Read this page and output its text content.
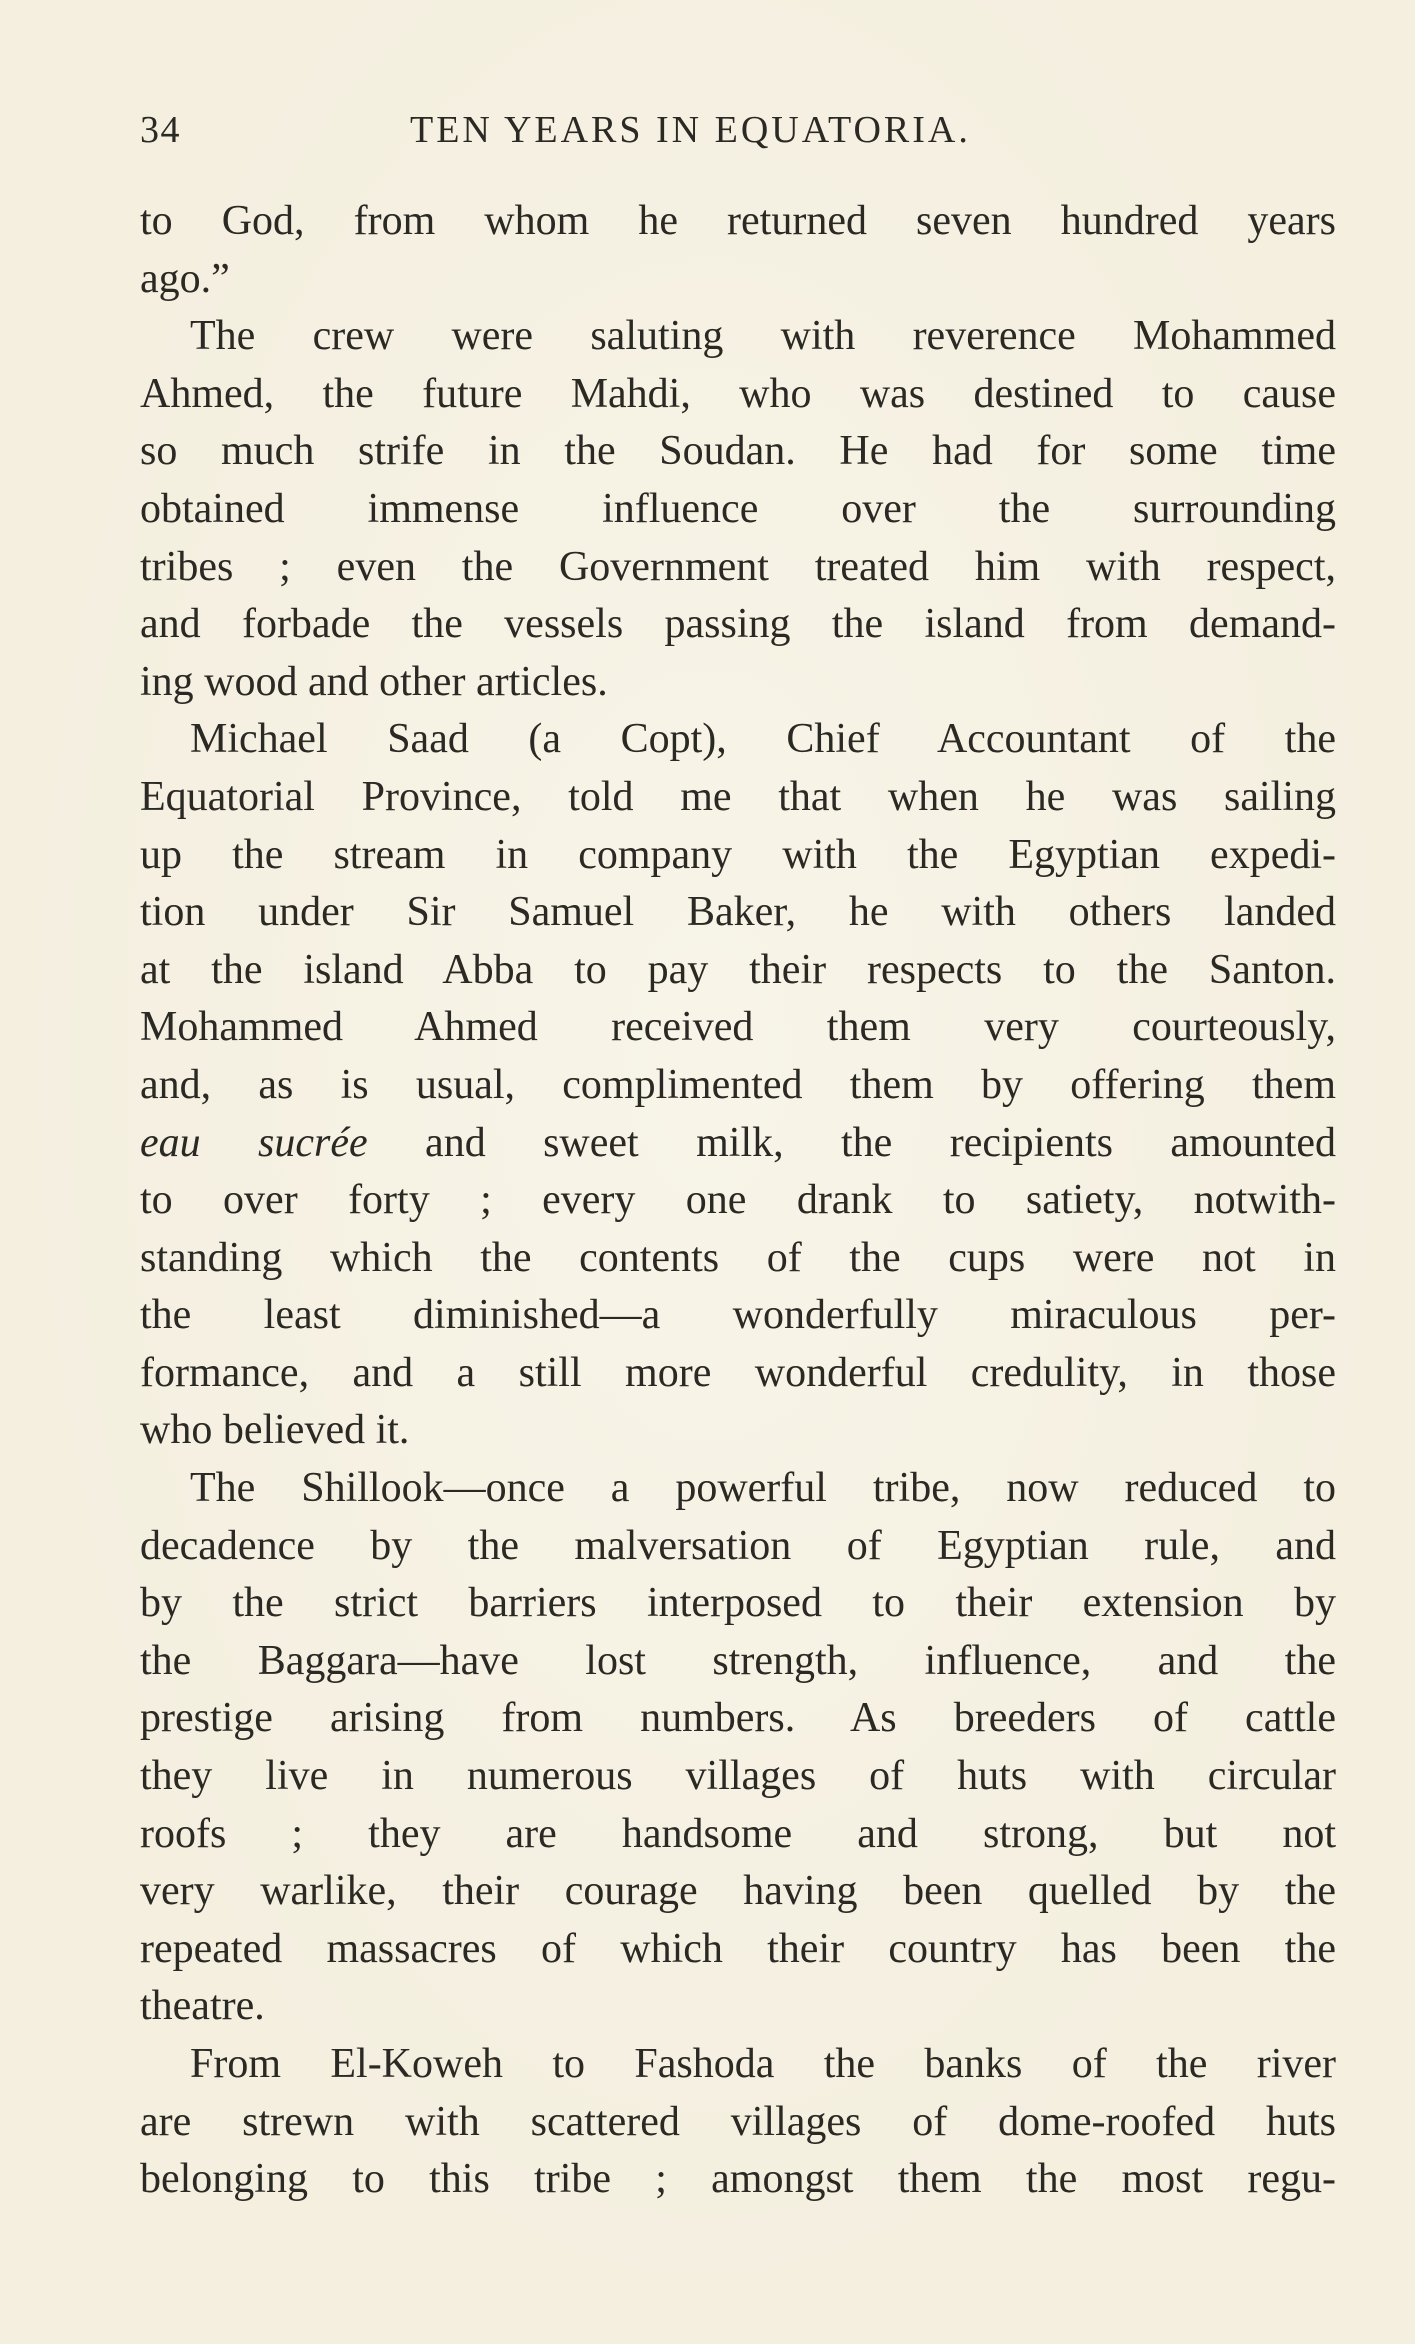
34	TEN YEARS IN EQUATORIA.
to God, from whom he returned seven hundred years
ago.”
The crew were saluting with reverence Mohammed
Ahmed, the future Mahdi, who was destined to cause
so much strife in the Soudan. He had for some time
obtained immense influence over the surrounding
tribes ; even the Government treated him with respect,
and forbade the vessels passing the island from demand-
ing wood and other articles.
Michael Saad (a Copt), Chief Accountant of the
Equatorial Province, told me that when he was sailing
up the stream in company with the Egyptian expedi-
tion under Sir Samuel Baker, he with others landed
at the island Abba to pay their respects to the Santon.
Mohammed Ahmed received them very courteously,
and, as is usual, complimented them by offering them
eau sucrée and sweet milk, the recipients amounted
to over forty ; every one drank to satiety, notwith-
standing which the contents of the cups were not in
the least diminished—a wonderfully miraculous per-
formance, and a still more wonderful credulity, in those
who believed it.
The Shillook—once a powerful tribe, now reduced to
decadence by the malversation of Egyptian rule, and
by the strict barriers interposed to their extension by
the Baggara—have lost strength, influence, and the
prestige arising from numbers. As breeders of cattle
they live in numerous villages of huts with circular
roofs ; they are handsome and strong, but not
very warlike, their courage having been quelled by the
repeated massacres of which their country has been the
theatre.
From El-Koweh to Fashoda the banks of the river
are strewn with scattered villages of dome-roofed huts
belonging to this tribe ; amongst them the most regu-
